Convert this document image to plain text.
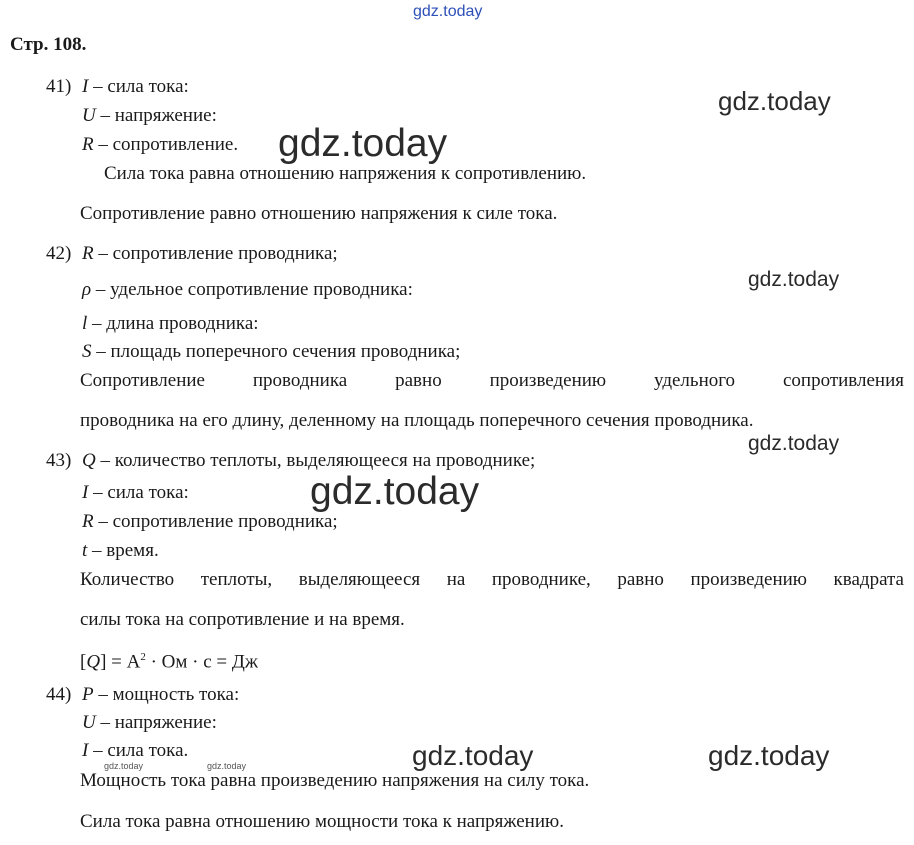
gdz.today
gdz.today
gdz.today
gdz.today
gdz.today
gdz.today
gdz.today	gdz.today
gdz.today	gdz.today
Стр. 108.
41) I – сила тока:
U – напряжение:
R – сопротивление.
Сила тока равна отношению напряжения к сопротивлению.
Сопротивление равно отношению напряжения к силе тока.
42) R – сопротивление проводника;
ρ – удельное сопротивление проводника:
l – длина проводника:
S – площадь поперечного сечения проводника;
Сопротивление проводника равно произведению удельного сопротивления
проводника на его длину, деленному на площадь поперечного сечения проводника.
43) Q – количество теплоты, выделяющееся на проводнике;
I – сила тока:
R – сопротивление проводника;
t – время.
Количество теплоты, выделяющееся на проводнике, равно произведению квадрата
силы тока на сопротивление и на время.
$[Q] = А^2$ · Ом · с = Дж
44) P – мощность тока:
U – напряжение:
I – сила тока.
Мощность тока равна произведению напряжения на силу тока.
Сила тока равна отношению мощности тока к напряжению.
